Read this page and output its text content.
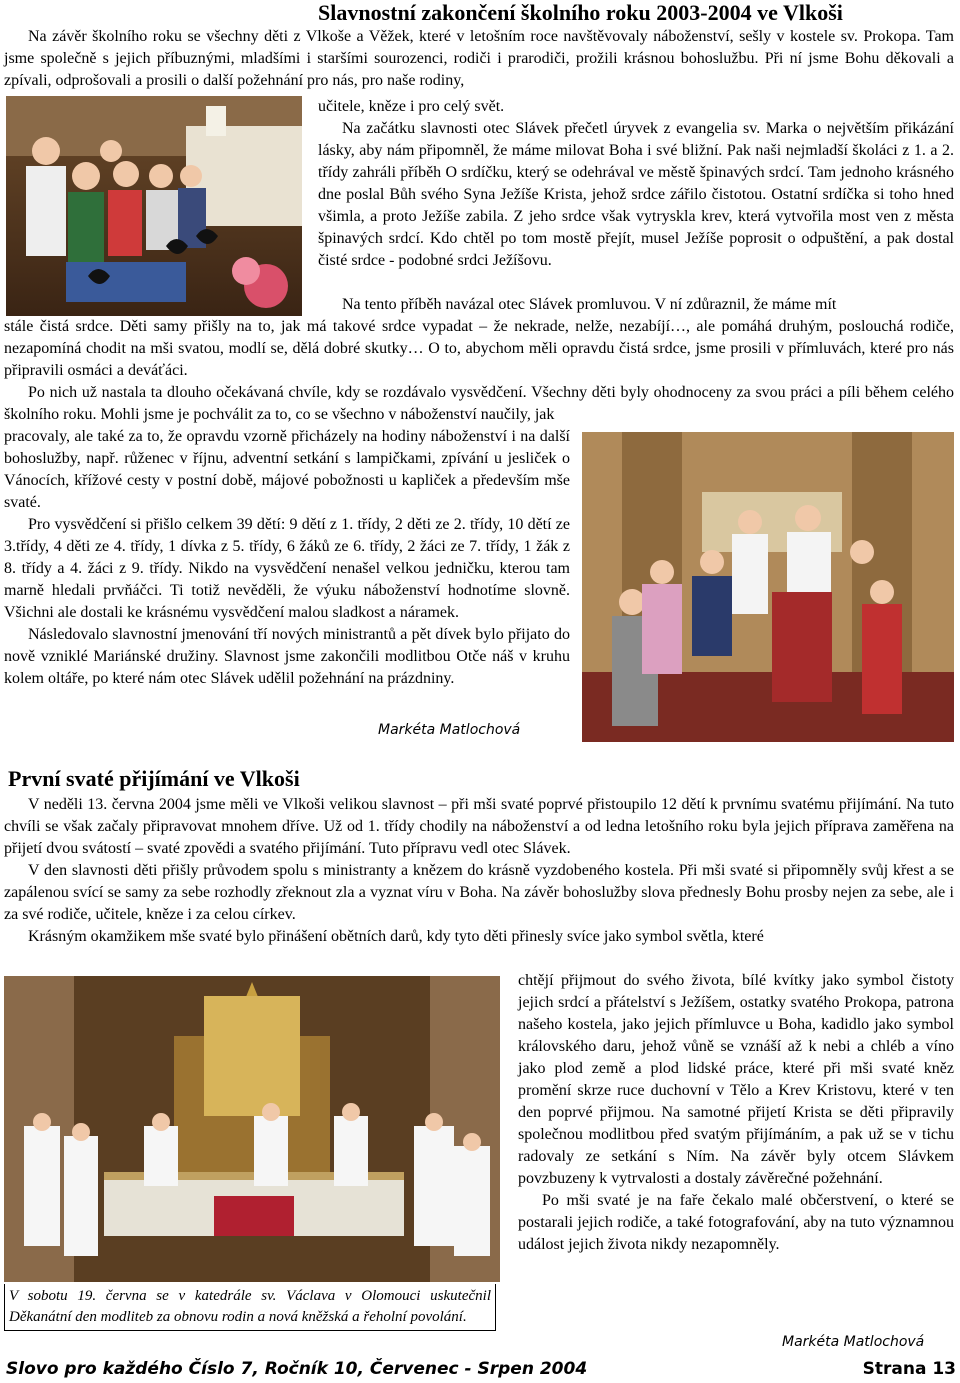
Slavnostní zakončení školního roku 2003-2004 ve Vlkoši

Na závěr školního roku se všechny děti z Vlkoše a Věžek, které v letošním roce navštěvovaly náboženství, sešly v kostele sv. Prokopa. Tam jsme společně s jejich příbuznými, mladšími i staršími sourozenci, rodiči i prarodiči, prožili krásnou bohoslužbu. Při ní jsme Bohu děkovali a zpívali, odprošovali a prosili o další požehnání pro nás, pro naše rodiny,

učitele, kněze i pro celý svět.

Na začátku slavnosti otec Slávek přečetl úryvek z evangelia sv. Marka o největším přikázání lásky, aby nám připomněl, že máme milovat Boha i své bližní. Pak naši nejmladší školáci z 1. a 2. třídy zahráli příběh O srdíčku, který se odehrával ve městě špinavých srdcí. Tam jednoho krásného dne poslal Bůh svého Syna Ježíše Krista, jehož srdce zářilo čistotou. Ostatní srdíčka si toho hned všimla, a proto Ježíše zabila. Z jeho srdce však vytryskla krev, která vytvořila most ven z města špinavých srdcí. Kdo chtěl po tom mostě přejít, musel Ježíše poprosit o odpuštění, a pak dostal čisté srdce - podobné srdci Ježíšovu.

Na tento příběh navázal otec Slávek promluvou. V ní zdůraznil, že máme mít

stále čistá srdce. Děti samy přišly na to, jak má takové srdce vypadat – že nekrade, nelže, nezabíjí…, ale pomáhá druhým, poslouchá rodiče, nezapomíná chodit na mši svatou, modlí se, dělá dobré skutky… O to, abychom měli opravdu čistá srdce, jsme prosili v přímluvách, které pro nás připravili osmáci a deváťáci.

Po nich už nastala ta dlouho očekávaná chvíle, kdy se rozdávalo vysvědčení. Všechny děti byly ohodnoceny za svou práci a píli během celého školního roku. Mohli jsme je pochválit za to, co se všechno v náboženství naučily, jak

pracovaly, ale také za to, že opravdu vzorně přicházely na hodiny náboženství i na další bohoslužby, např. růženec v říjnu, adventní setkání s lampičkami, zpívání u jesliček o Vánocích, křížové cesty v postní době, májové pobožnosti u kapliček a především mše svaté.

Pro vysvědčení si přišlo celkem 39 dětí: 9 dětí z 1. třídy, 2 děti ze 2. třídy, 10 dětí ze 3.třídy, 4 děti ze 4. třídy, 1 dívka z 5. třídy, 6 žáků ze 6. třídy, 2 žáci ze 7. třídy, 1 žák z 8. třídy a 4. žáci z 9. třídy. Nikdo na vysvědčení nenašel velkou jedničku, kterou tam marně hledali prvňáčci. Ti totiž nevěděli, že výuku náboženství hodnotíme slovně. Všichni ale dostali ke krásnému vysvědčení malou sladkost a náramek.

Následovalo slavnostní jmenování tří nových ministrantů a pět dívek bylo přijato do nově vzniklé Mariánské družiny. Slavnost jsme zakončili modlitbou Otče náš v kruhu kolem oltáře, po které nám otec Slávek udělil požehnání na prázdniny.

Markéta Matlochová
První svaté přijímání ve Vlkoši

V neděli 13. června 2004 jsme měli ve Vlkoši velikou slavnost – při mši svaté poprvé přistoupilo 12 dětí k prvnímu svatému přijímání. Na tuto chvíli se však začaly připravovat mnohem dříve. Už od 1. třídy chodily na náboženství a od ledna letošního roku byla jejich příprava zaměřena na přijetí dvou svátostí – svaté zpovědi a svatého přijímání. Tuto přípravu vedl otec Slávek.

V den slavnosti děti přišly průvodem spolu s ministranty a knězem do krásně vyzdobeného kostela. Při mši svaté si připomněly svůj křest a se zapálenou svící se samy za sebe rozhodly zřeknout zla a vyznat víru v Boha. Na závěr bohoslužby slova přednesly Bohu prosby nejen za sebe, ale i za své rodiče, učitele, kněze i za celou církev.

Krásným okamžikem mše svaté bylo přinášení obětních darů, kdy tyto děti přinesly svíce jako symbol světla, které

V sobotu 19. června se v katedrále sv. Václava v Olomouci uskutečnil Děkanátní den modliteb za obnovu rodin a nová kněžská a řeholní povolání.

chtějí přijmout do svého života, bílé kvítky jako symbol čistoty jejich srdcí a přátelství s Ježíšem, ostatky svatého Prokopa, patrona našeho kostela, jako jejich přímluvce u Boha, kadidlo jako symbol královského daru, jehož vůně se vznáší až k nebi a chléb a víno jako plod země a plod lidské práce, které při mši svaté kněz promění skrze ruce duchovní v Tělo a Krev Kristovu, které v ten den poprvé přijmou. Na samotné přijetí Krista se děti připravily společnou modlitbou před svatým přijímáním, a pak už se v tichu radovaly ze setkání s Ním. Na závěr byly otcem Slávkem povzbuzeny k vytrvalosti a dostaly závěrečné požehnání.

Po mši svaté je na faře čekalo malé občerstvení, o které se postarali jejich rodiče, a také fotografování, aby na tuto významnou událost jejich života nikdy nezapomněly.

Markéta Matlochová
Slovo pro každého Číslo 7, Ročník 10, Červenec - Srpen 2004	Strana 13
